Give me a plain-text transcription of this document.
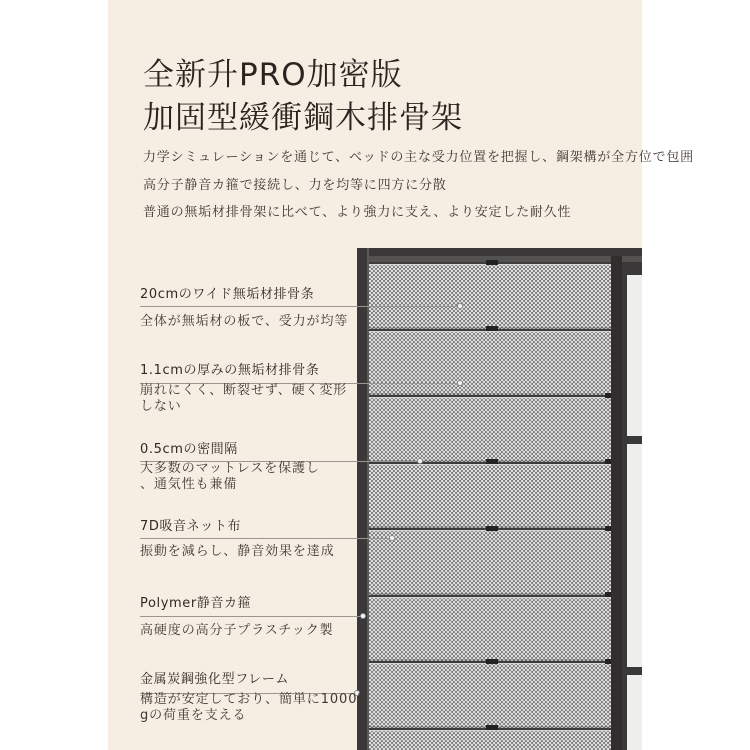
全新升PRO加密版
加固型緩衝鋼木排骨架
力学シミュレーションを通じて、ベッドの主な受力位置を把握し、鋼架構が全方位で包囲
高分子静音カ箍で接続し、力を均等に四方に分散
普通の無垢材排骨架に比べて、より強力に支え、より安定した耐久性
20cmのワイド無垢材排骨条
全体が無垢材の板で、受力が均等
1.1cmの厚みの無垢材排骨条
崩れにくく、断裂せず、硬く変形
しない
0.5cmの密間隔
大多数のマットレスを保護し
、通気性も兼備
7D吸音ネット布
振動を減らし、静音効果を達成
Polymer静音カ箍
高硬度の高分子プラスチック製
金属炭鋼強化型フレーム
構造が安定しており、簡単に1000k
gの荷重を支える
